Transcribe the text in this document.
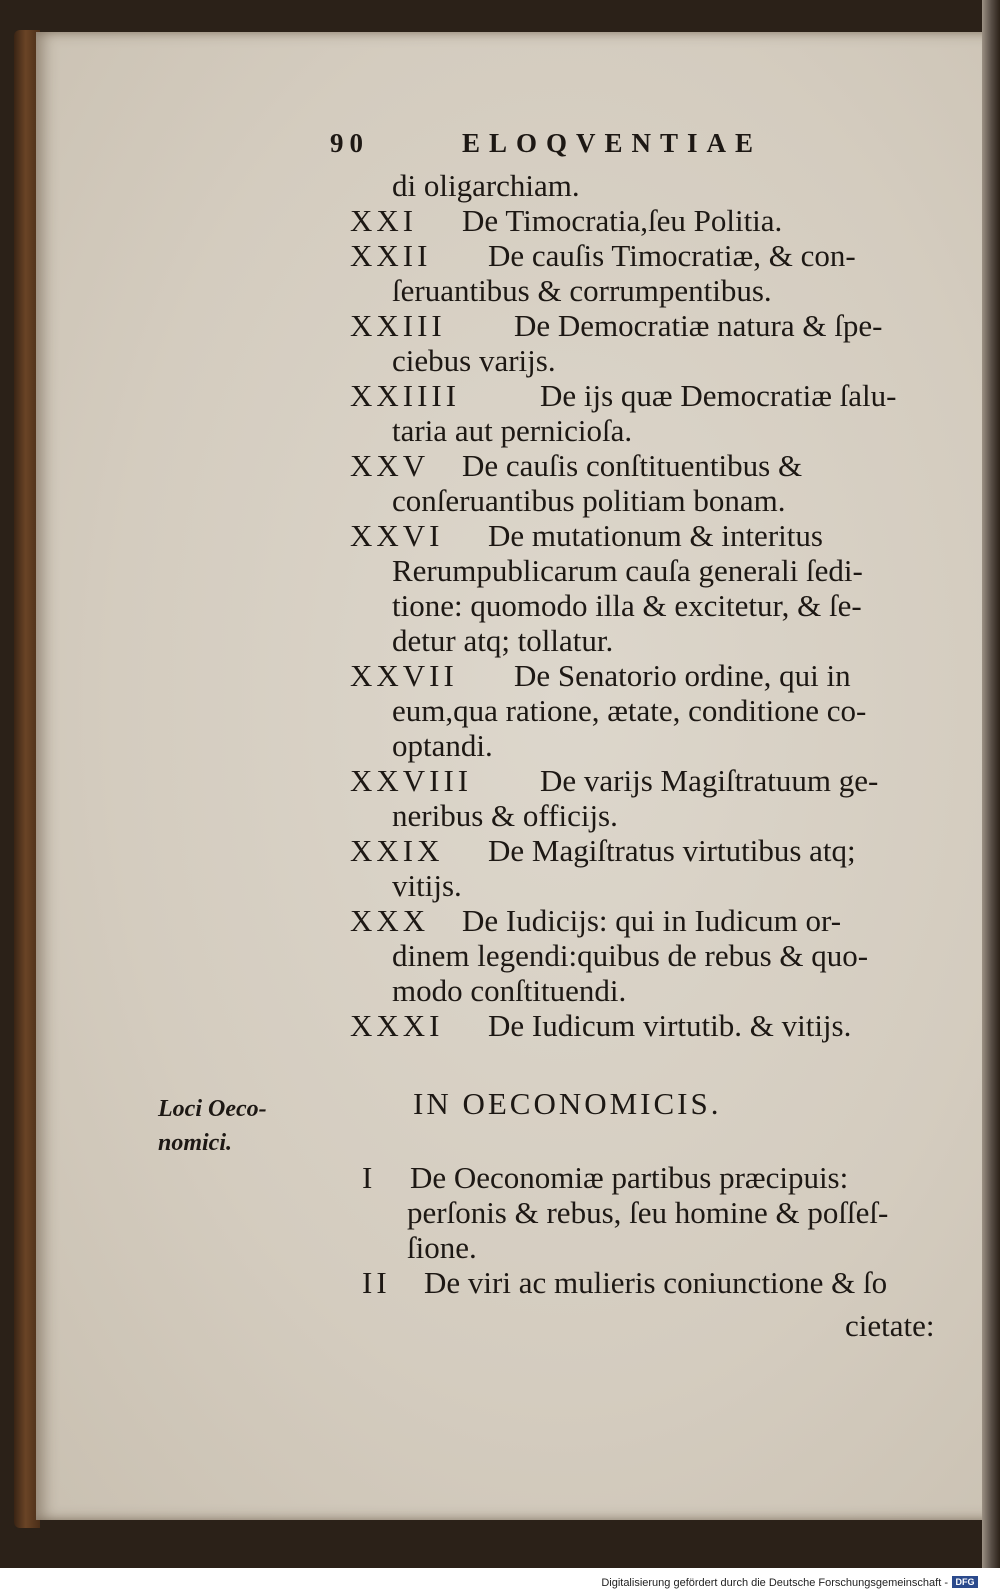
90	ELOQVENTIAE
di oligarchiam.
XXI De Timocratia,ſeu Politia.
XXII De cauſis Timocratiæ, & con-
ſeruantibus & corrumpentibus.
XXIII De Democratiæ natura & ſpe-
ciebus varijs.
XXIIII	De ijs quæ Democratiæ ſalu-
taria aut pernicioſa.
XXV De cauſis conſtituentibus &
conſeruantibus politiam bonam.
XXVI De mutationum & interitus
Rerumpublicarum cauſa generali ſedi-
tione: quomodo illa & excitetur, & ſe-
detur atq; tollatur.
XXVII De Senatorio ordine, qui in
eum,qua ratione, ætate, conditione co-
optandi.
XXVIII De varijs Magiſtratuum ge-
neribus & officijs.
XXIX De Magiſtratus virtutibus atq;
vitijs.
XXX De Iudicijs: qui in Iudicum or-
dinem legendi:quibus de rebus & quo-
modo conſtituendi.
XXXI De Iudicum virtutib. & vitijs.
Loci Oeco-
nomici.
IN OECONOMICIS.
I De Oeconomiæ partibus præcipuis:
perſonis & rebus, ſeu homine & poſſeſ-
ſione.
II De viri ac mulieris coniunctione & ſo
cietate:
Digitalisierung gefördert durch die Deutsche Forschungsgemeinschaft - DFG
